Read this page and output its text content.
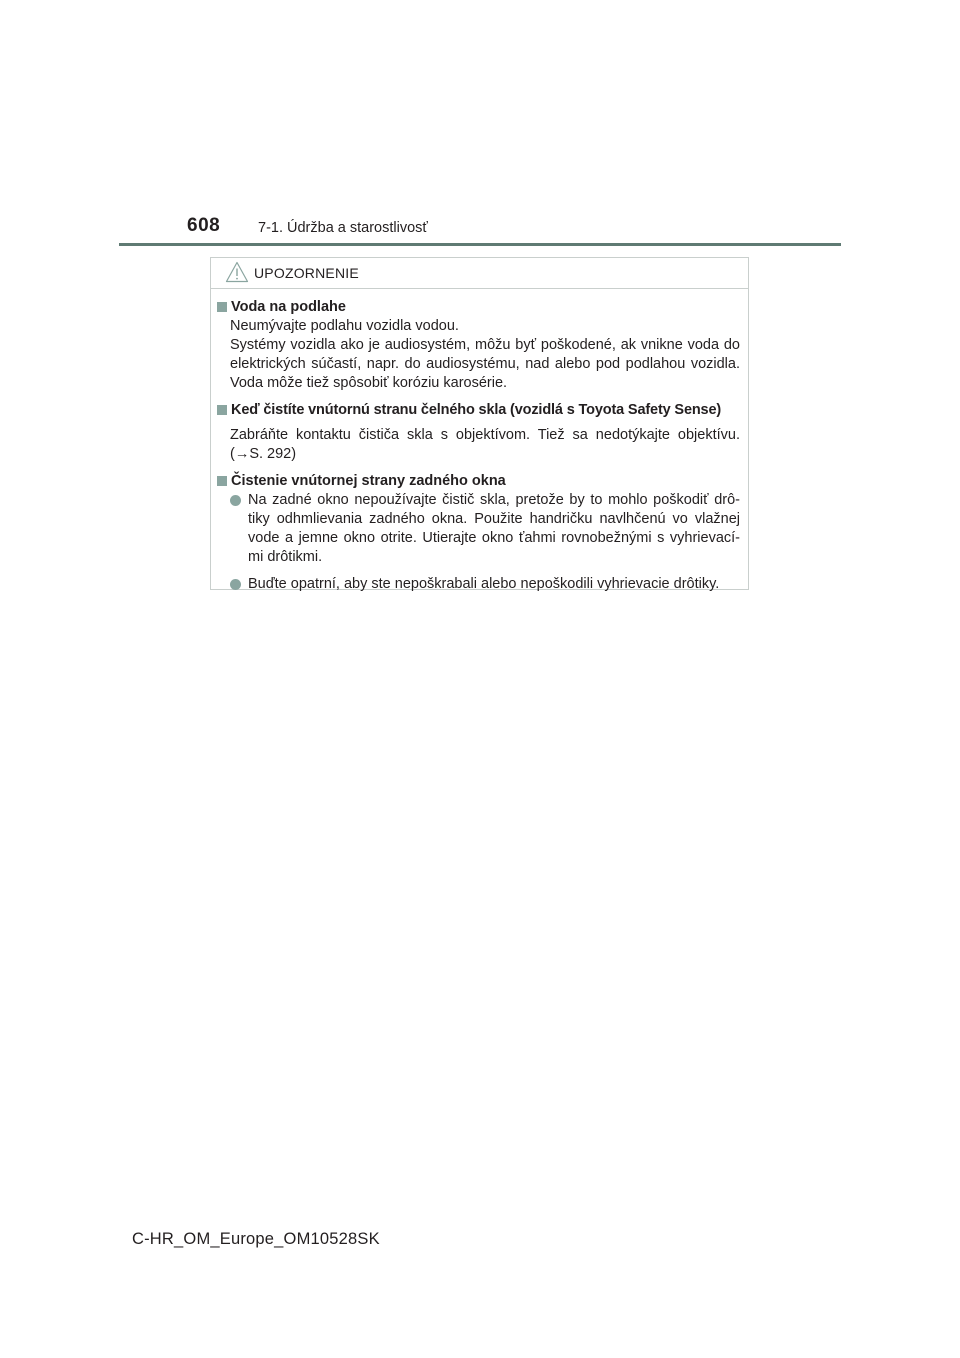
608	7-1. Údržba a starostlivosť
UPOZORNENIE
Voda na podlahe
Neumývajte podlahu vozidla vodou.
Systémy vozidla ako je audiosystém, môžu byť poškodené, ak vnikne voda do elektrických súčastí, napr. do audiosystému, nad alebo pod podlahou vozidla. Voda môže tiež spôsobiť koróziu karosérie.
Keď čistíte vnútornú stranu čelného skla (vozidlá s Toyota Safety Sense)
Zabráňte kontaktu čističa skla s objektívom. Tiež sa nedotýkajte objektívu. (→S. 292)
Čistenie vnútornej strany zadného okna
Na zadné okno nepoužívajte čistič skla, pretože by to mohlo poškodiť drô- tiky odhmlievania zadného okna. Použite handričku navlhčenú vo vlažnej vode a jemne okno otrite. Utierajte okno ťahmi rovnobežnými s vyhrievací- mi drôtikmi.
Buďte opatrní, aby ste nepoškrabali alebo nepoškodili vyhrievacie drôtiky.
C-HR_OM_Europe_OM10528SK
